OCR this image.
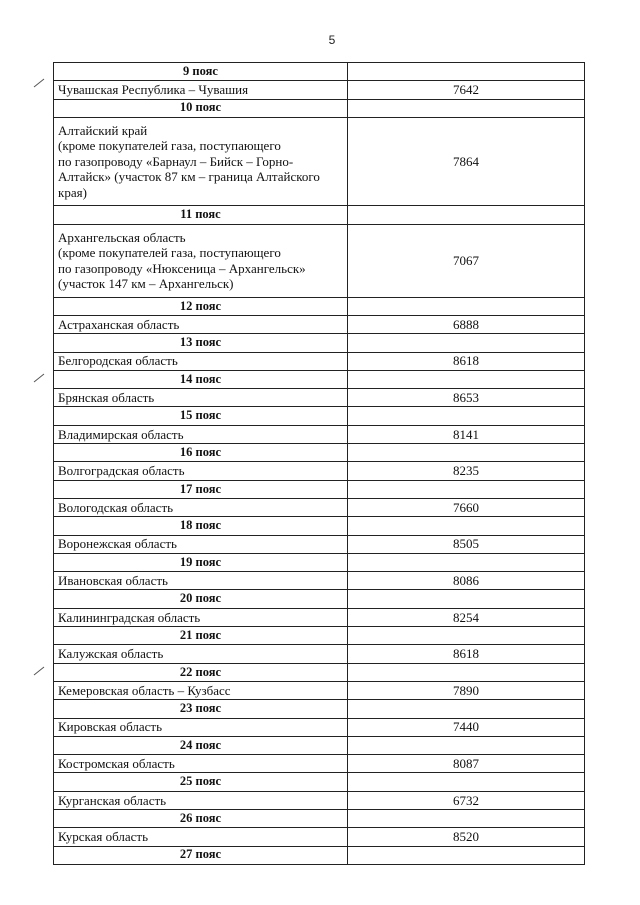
5
9 пояс	

Чувашская Республика – Чувашия	7642
10 пояс	

Алтайский край
(кроме покупателей газа, поступающего
по газопроводу «Барнаул – Бийск – Горно-
Алтайск» (участок 87 км – граница Алтайского
края)	7864
11 пояс	

Архангельская область
(кроме покупателей газа, поступающего
по газопроводу «Нюксеница – Архангельск»
(участок 147 км – Архангельск)	7067
12 пояс	

Астраханская область	6888
13 пояс	

Белгородская область	8618
14 пояс	

Брянская область	8653
15 пояс	

Владимирская область	8141
16 пояс	

Волгоградская область	8235
17 пояс	

Вологодская область	7660
18 пояс	

Воронежская область	8505
19 пояс	

Ивановская область	8086
20 пояс	

Калининградская область	8254
21 пояс	

Калужская область	8618
22 пояс	

Кемеровская область – Кузбасс	7890
23 пояс	

Кировская область	7440
24 пояс	

Костромская область	8087
25 пояс	

Курганская область	6732
26 пояс	

Курская область	8520
27 пояс	
